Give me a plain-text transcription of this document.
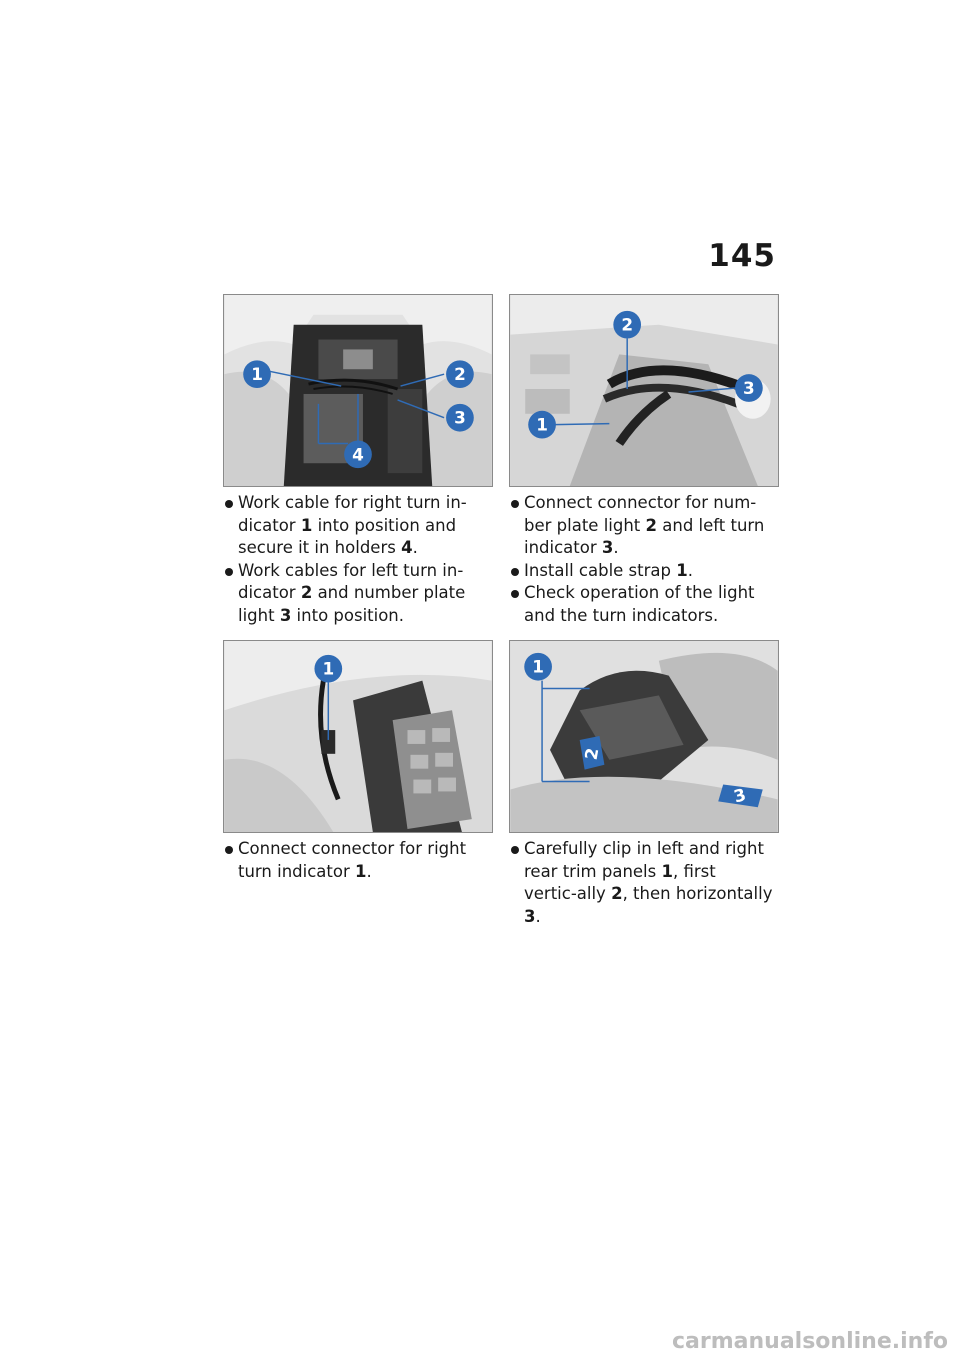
145
1	2
3
4
2
3
1
1	1
2
3
Work cable for right turn in-dicator 1 into position and secure it in holders 4.
Work cables for left turn in-dicator 2 and number plate light 3 into position.
Connect connector for num-ber plate light 2 and left turn indicator 3.
Install cable strap 1.
Check operation of the light and the turn indicators.
Connect connector for right turn indicator 1.
Carefully clip in left and right rear trim panels 1, first vertic-ally 2, then horizontally 3.
carmanualsonline.info
